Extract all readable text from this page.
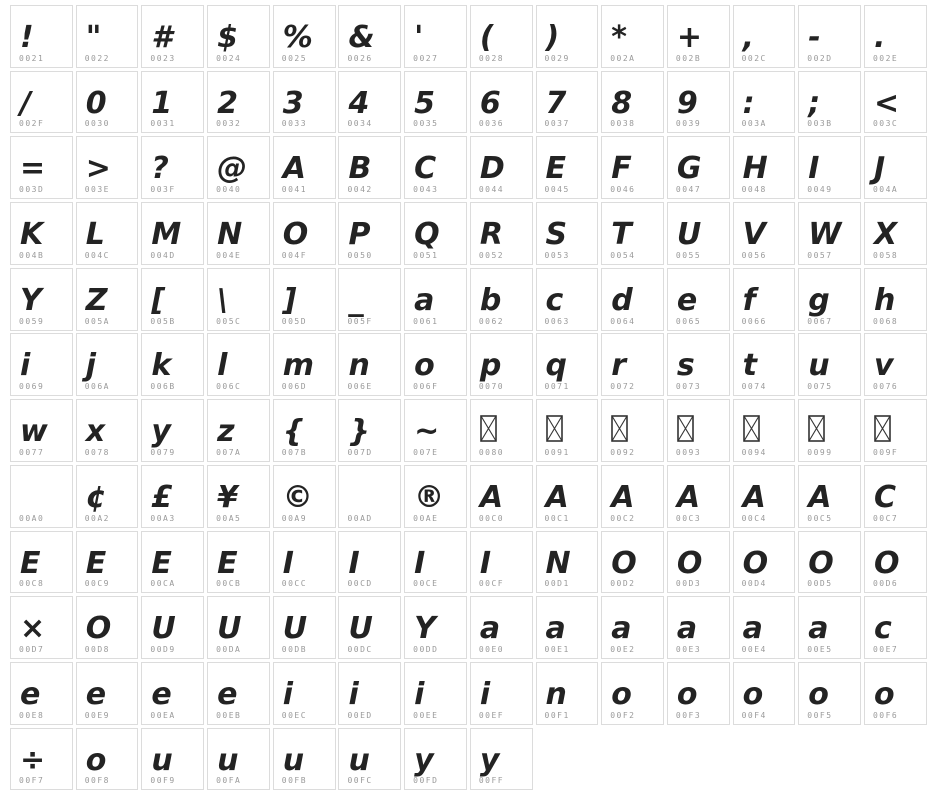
!
0021
"
0022
#
0023
$
0024
%
0025
&
0026
'
0027
(
0028
)
0029
*
002A
+
002B
,
002C
-
002D
.
002E
/
002F
0
0030
1
0031
2
0032
3
0033
4
0034
5
0035
6
0036
7
0037
8
0038
9
0039
:
003A
;
003B
<
003C
=
003D
>
003E
?
003F
@
0040
A
0041
B
0042
C
0043
D
0044
E
0045
F
0046
G
0047
H
0048
I
0049
J
004A
K
004B
L
004C
M
004D
N
004E
O
004F
P
0050
Q
0051
R
0052
S
0053
T
0054
U
0055
V
0056
W
0057
X
0058
Y
0059
Z
005A
[
005B
\
005C
]
005D
_
005F
a
0061
b
0062
c
0063
d
0064
e
0065
f
0066
g
0067
h
0068
i
0069
j
006A
k
006B
l
006C
m
006D
n
006E
o
006F
p
0070
q
0071
r
0072
s
0073
t
0074
u
0075
v
0076
w
0077
x
0078
y
0079
z
007A
{
007B
}
007D
~
007E	0080	0091	0092	0093	0094	0099	009F
00A0
¢
00A2
£
00A3
¥
00A5
©
00A9	00AD
®
00AE
A
00C0
A
00C1
A
00C2
A
00C3
A
00C4
A
00C5
C
00C7
E
00C8
E
00C9
E
00CA
E
00CB
I
00CC
I
00CD
I
00CE
I
00CF
N
00D1
O
00D2
O
00D3
O
00D4
O
00D5
O
00D6
×
00D7
O
00D8
U
00D9
U
00DA
U
00DB
U
00DC
Y
00DD
a
00E0
a
00E1
a
00E2
a
00E3
a
00E4
a
00E5
c
00E7
e
00E8
e
00E9
e
00EA
e
00EB
i
00EC
i
00ED
i
00EE
i
00EF
n
00F1
o
00F2
o
00F3
o
00F4
o
00F5
o
00F6
÷
00F7
o
00F8
u
00F9
u
00FA
u
00FB
u
00FC
y
00FD
y
00FF
